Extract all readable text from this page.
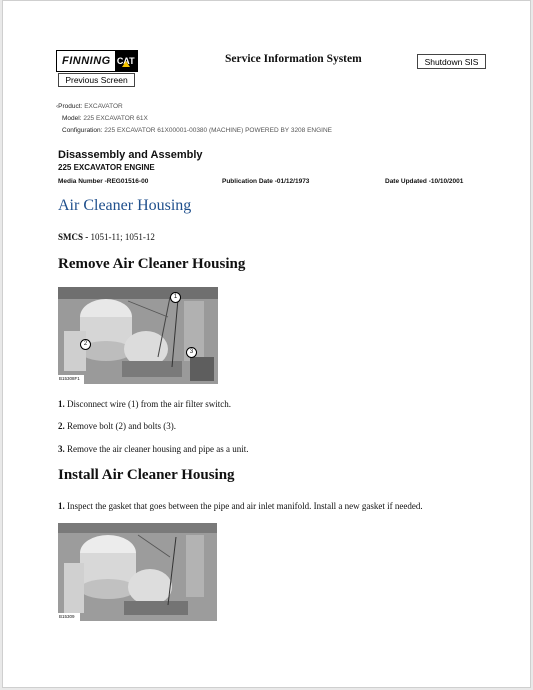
FINNING CAT
Previous Screen
Service Information System	Shutdown SIS
‹Product: EXCAVATOR
Model: 225 EXCAVATOR 61X
Configuration: 225 EXCAVATOR 61X00001-00380 (MACHINE) POWERED BY 3208 ENGINE
Disassembly and Assembly
225 EXCAVATOR ENGINE
Media Number -REG01516-00	Publication Date -01/12/1973	Date Updated -10/10/2001
Air Cleaner Housing
SMCS - 1051-11; 1051-12
Remove Air Cleaner Housing
1
2
3
B15308F1
1. Disconnect wire (1) from the air filter switch.
2. Remove bolt (2) and bolts (3).
3. Remove the air cleaner housing and pipe as a unit.
Install Air Cleaner Housing
1. Inspect the gasket that goes between the pipe and air inlet manifold. Install a new gasket if needed.
B15309
